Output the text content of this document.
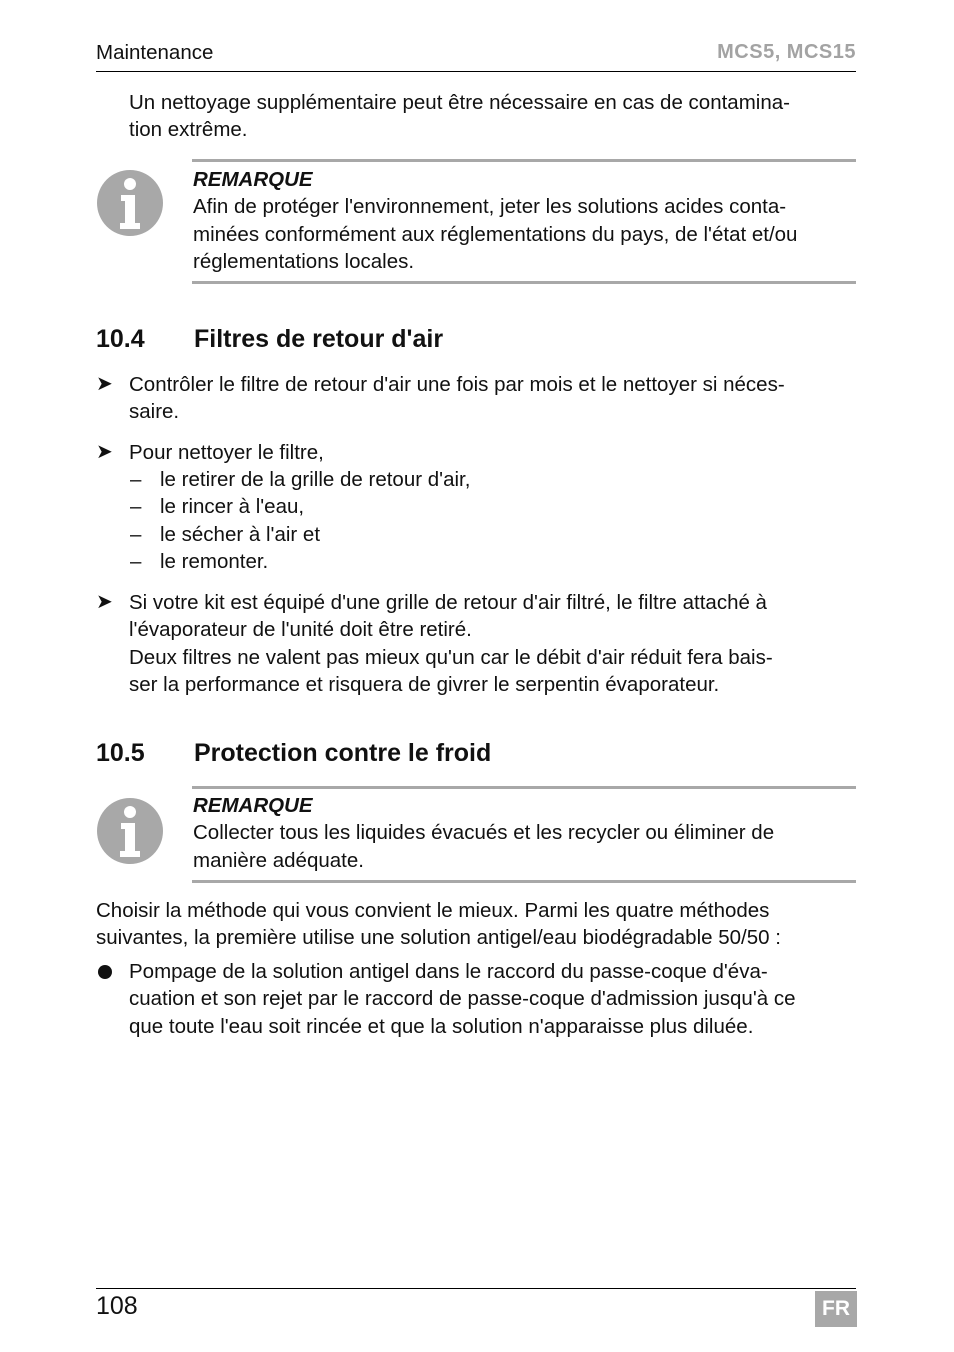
Maintenance	MCS5, MCS15
Un nettoyage supplémentaire peut être nécessaire en cas de contamina-
tion extrême.
REMARQUE
Afin de protéger l'environnement, jeter les solutions acides conta-
minées conformément aux réglementations du pays, de l'état et/ou
réglementations locales.
10.4 Filtres de retour d'air
➤ Contrôler le filtre de retour d'air une fois par mois et le nettoyer si néces-
saire.
➤ Pour nettoyer le filtre,
– le retirer de la grille de retour d'air,
– le rincer à l'eau,
– le sécher à l'air et
– le remonter.
➤ Si votre kit est équipé d'une grille de retour d'air filtré, le filtre attaché à
l'évaporateur de l'unité doit être retiré.
Deux filtres ne valent pas mieux qu'un car le débit d'air réduit fera bais-
ser la performance et risquera de givrer le serpentin évaporateur.
10.5 Protection contre le froid
REMARQUE
Collecter tous les liquides évacués et les recycler ou éliminer de
manière adéquate.
Choisir la méthode qui vous convient le mieux. Parmi les quatre méthodes
suivantes, la première utilise une solution antigel/eau biodégradable 50/50 :
Pompage de la solution antigel dans le raccord du passe-coque d'éva-
cuation et son rejet par le raccord de passe-coque d'admission jusqu'à ce
que toute l'eau soit rincée et que la solution n'apparaisse plus diluée.
108	FR
